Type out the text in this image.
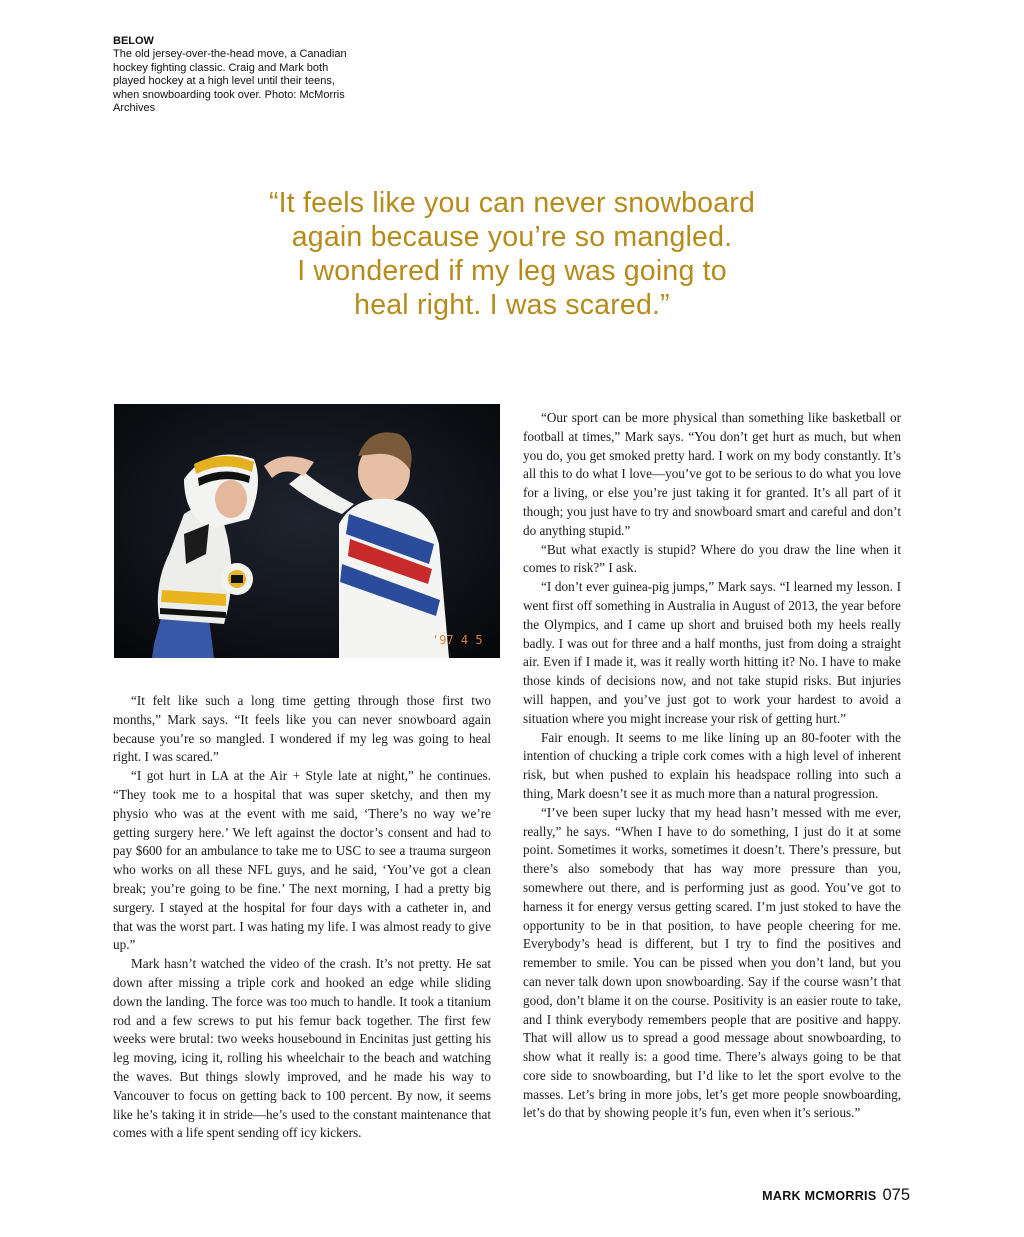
BELOW

The old jersey-over-the-head move, a Canadian hockey fighting classic. Craig and Mark both played hockey at a high level until their teens, when snowboarding took over. Photo: McMorris Archives

“It feels like you can never snowboard
again because you’re so mangled.
I wondered if my leg was going to
heal right. I was scared.”
'97 4 5

“It felt like such a long time getting through those first two months,” Mark says. “It feels like you can never snowboard again because you’re so mangled. I wondered if my leg was going to heal right. I was scared.”

“I got hurt in LA at the Air + Style late at night,” he continues. “They took me to a hospital that was super sketchy, and then my physio who was at the event with me said, ‘There’s no way we’re getting surgery here.’ We left against the doctor’s consent and had to pay $600 for an ambulance to take me to USC to see a trauma surgeon who works on all these NFL guys, and he said, ‘You’ve got a clean break; you’re going to be fine.’ The next morning, I had a pretty big surgery. I stayed at the hospital for four days with a catheter in, and that was the worst part. I was hating my life. I was almost ready to give up.”

Mark hasn’t watched the video of the crash. It’s not pretty. He sat down after missing a triple cork and hooked an edge while sliding down the landing. The force was too much to handle. It took a titanium rod and a few screws to put his femur back together. The first few weeks were brutal: two weeks housebound in Encinitas just getting his leg moving, icing it, rolling his wheelchair to the beach and watching the waves. But things slowly improved, and he made his way to Vancouver to focus on getting back to 100 percent. By now, it seems like he’s taking it in stride—he’s used to the constant maintenance that comes with a life spent sending off icy kickers.

“Our sport can be more physical than something like basketball or football at times,” Mark says. “You don’t get hurt as much, but when you do, you get smoked pretty hard. I work on my body constantly. It’s all this to do what I love—you’ve got to be serious to do what you love for a living, or else you’re just taking it for granted. It’s all part of it though; you just have to try and snowboard smart and careful and don’t do anything stupid.”

“But what exactly is stupid? Where do you draw the line when it comes to risk?” I ask.

“I don’t ever guinea-pig jumps,” Mark says. “I learned my lesson. I went first off something in Australia in August of 2013, the year before the Olympics, and I came up short and bruised both my heels really badly. I was out for three and a half months, just from doing a straight air. Even if I made it, was it really worth hitting it? No. I have to make those kinds of decisions now, and not take stupid risks. But injuries will happen, and you’ve just got to work your hardest to avoid a situation where you might increase your risk of getting hurt.”

Fair enough. It seems to me like lining up an 80-footer with the intention of chucking a triple cork comes with a high level of inherent risk, but when pushed to explain his headspace rolling into such a thing, Mark doesn’t see it as much more than a natural progression.

“I’ve been super lucky that my head hasn’t messed with me ever, really,” he says. “When I have to do something, I just do it at some point. Sometimes it works, sometimes it doesn’t. There’s pressure, but there’s also somebody that has way more pressure than you, somewhere out there, and is performing just as good. You’ve got to harness it for energy versus getting scared. I’m just stoked to have the opportunity to be in that position, to have people cheering for me. Everybody’s head is different, but I try to find the positives and remember to smile. You can be pissed when you don’t land, but you can never talk down upon snowboarding. Say if the course wasn’t that good, don’t blame it on the course. Positivity is an easier route to take, and I think everybody remembers people that are positive and happy. That will allow us to spread a good message about snowboarding, to show what it really is: a good time. There’s always going to be that core side to snowboarding, but I’d like to let the sport evolve to the masses. Let’s bring in more jobs, let’s get more people snowboarding, let’s do that by showing people it’s fun, even when it’s serious.”

MARK MCMORRIS 075
